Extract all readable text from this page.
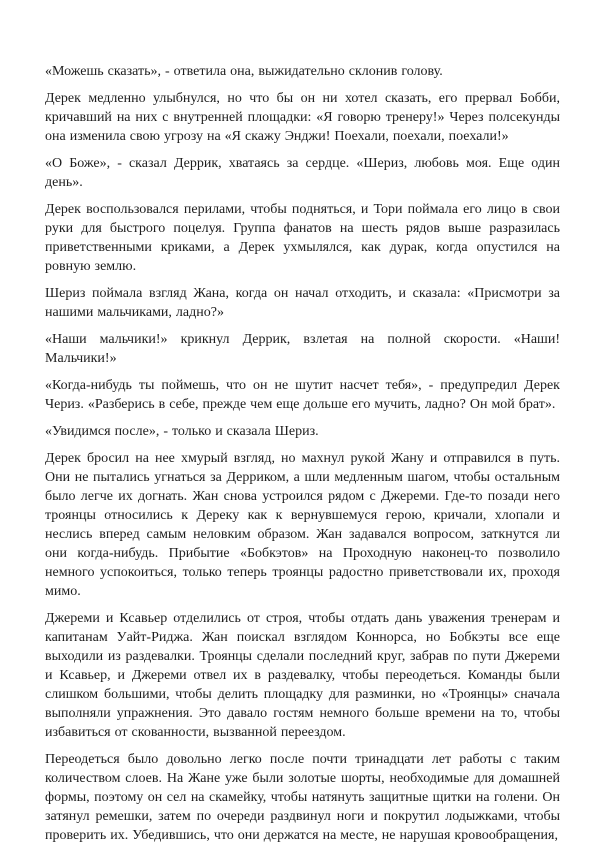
«Можешь сказать», - ответила она, выжидательно склонив голову.

Дерек медленно улыбнулся, но что бы он ни хотел сказать, его прервал Бобби, кричавший на них с внутренней площадки: «Я говорю тренеру!» Через полсекунды она изменила свою угрозу на «Я скажу Энджи! Поехали, поехали, поехали!»

«О Боже», - сказал Деррик, хватаясь за сердце. «Шериз, любовь моя. Еще один день».

Дерек воспользовался перилами, чтобы подняться, и Тори поймала его лицо в свои руки для быстрого поцелуя. Группа фанатов на шесть рядов выше разразилась приветственными криками, а Дерек ухмылялся, как дурак, когда опустился на ровную землю.

Шериз поймала взгляд Жана, когда он начал отходить, и сказала: «Присмотри за нашими мальчиками, ладно?»

«Наши мальчики!» крикнул Деррик, взлетая на полной скорости. «Наши! Мальчики!»

«Когда-нибудь ты поймешь, что он не шутит насчет тебя», - предупредил Дерек Чериз. «Разберись в себе, прежде чем еще дольше его мучить, ладно? Он мой брат».

«Увидимся после», - только и сказала Шериз.

Дерек бросил на нее хмурый взгляд, но махнул рукой Жану и отправился в путь. Они не пытались угнаться за Дерриком, а шли медленным шагом, чтобы остальным было легче их догнать. Жан снова устроился рядом с Джереми. Где-то позади него троянцы относились к Дереку как к вернувшемуся герою, кричали, хлопали и неслись вперед самым неловким образом. Жан задавался вопросом, заткнутся ли они когда-нибудь. Прибытие «Бобкэтов» на Проходную наконец-то позволило немного успокоиться, только теперь троянцы радостно приветствовали их, проходя мимо.

Джереми и Ксавьер отделились от строя, чтобы отдать дань уважения тренерам и капитанам Уайт-Риджа. Жан поискал взглядом Коннорса, но Бобкэты все еще выходили из раздевалки. Троянцы сделали последний круг, забрав по пути Джереми и Ксавьер, и Джереми отвел их в раздевалку, чтобы переодеться. Команды были слишком большими, чтобы делить площадку для разминки, но «Троянцы» сначала выполняли упражнения. Это давало гостям немного больше времени на то, чтобы избавиться от скованности, вызванной переездом.

Переодеться было довольно легко после почти тринадцати лет работы с таким количеством слоев. На Жане уже были золотые шорты, необходимые для домашней формы, поэтому он сел на скамейку, чтобы натянуть защитные щитки на голени. Он затянул ремешки, затем по очереди раздвинул ноги и покрутил лодыжками, чтобы проверить их. Убедившись, что они держатся на месте, не нарушая кровообращения,
